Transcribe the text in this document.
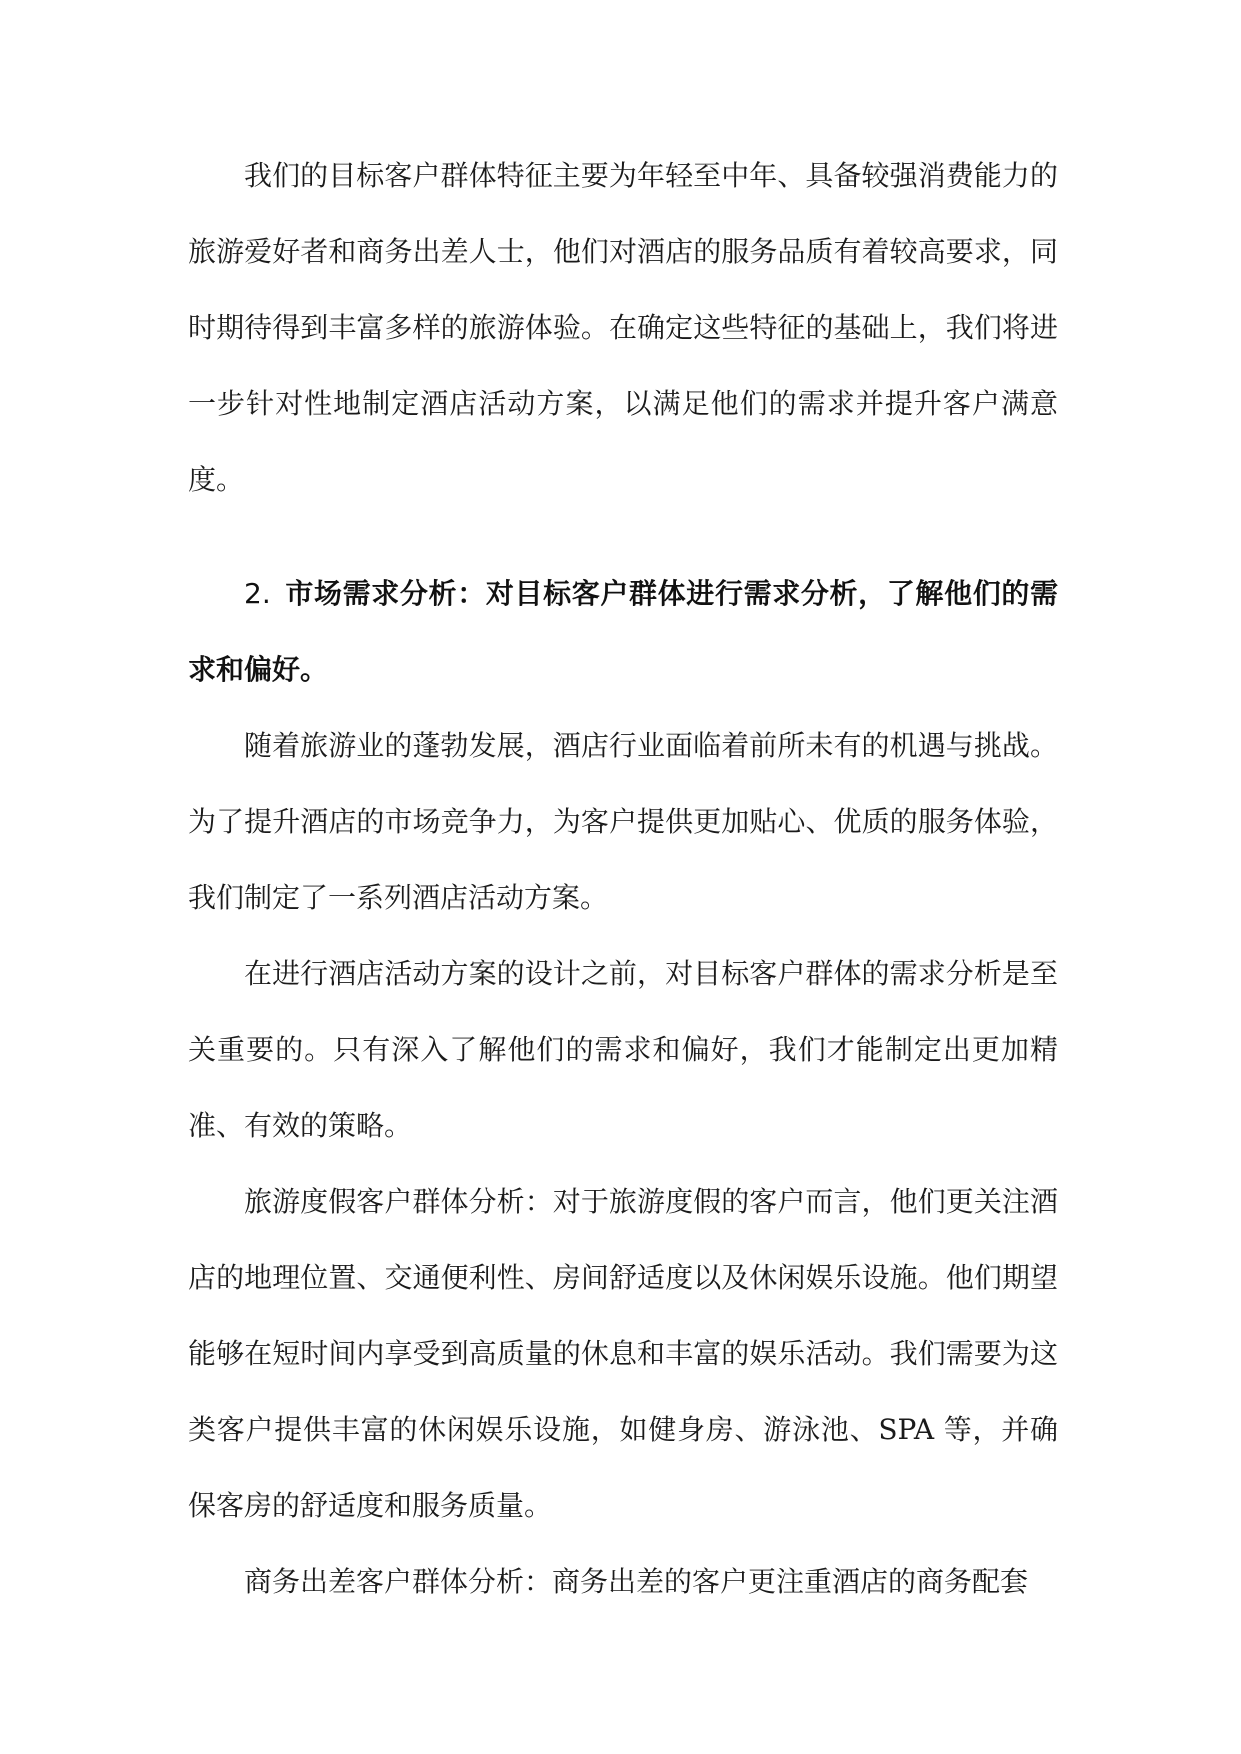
我们的目标客户群体特征主要为年轻至中年、具备较强消费能力的旅游爱好者和商务出差人士，他们对酒店的服务品质有着较高要求，同时期待得到丰富多样的旅游体验。在确定这些特征的基础上，我们将进一步针对性地制定酒店活动方案，以满足他们的需求并提升客户满意度。

2. 市场需求分析：对目标客户群体进行需求分析，了解他们的需求和偏好。

随着旅游业的蓬勃发展，酒店行业面临着前所未有的机遇与挑战。为了提升酒店的市场竞争力，为客户提供更加贴心、优质的服务体验，我们制定了一系列酒店活动方案。

在进行酒店活动方案的设计之前，对目标客户群体的需求分析是至关重要的。只有深入了解他们的需求和偏好，我们才能制定出更加精准、有效的策略。

旅游度假客户群体分析：对于旅游度假的客户而言，他们更关注酒店的地理位置、交通便利性、房间舒适度以及休闲娱乐设施。他们期望能够在短时间内享受到高质量的休息和丰富的娱乐活动。我们需要为这类客户提供丰富的休闲娱乐设施，如健身房、游泳池、SPA 等，并确保客房的舒适度和服务质量。

商务出差客户群体分析：商务出差的客户更注重酒店的商务配套
